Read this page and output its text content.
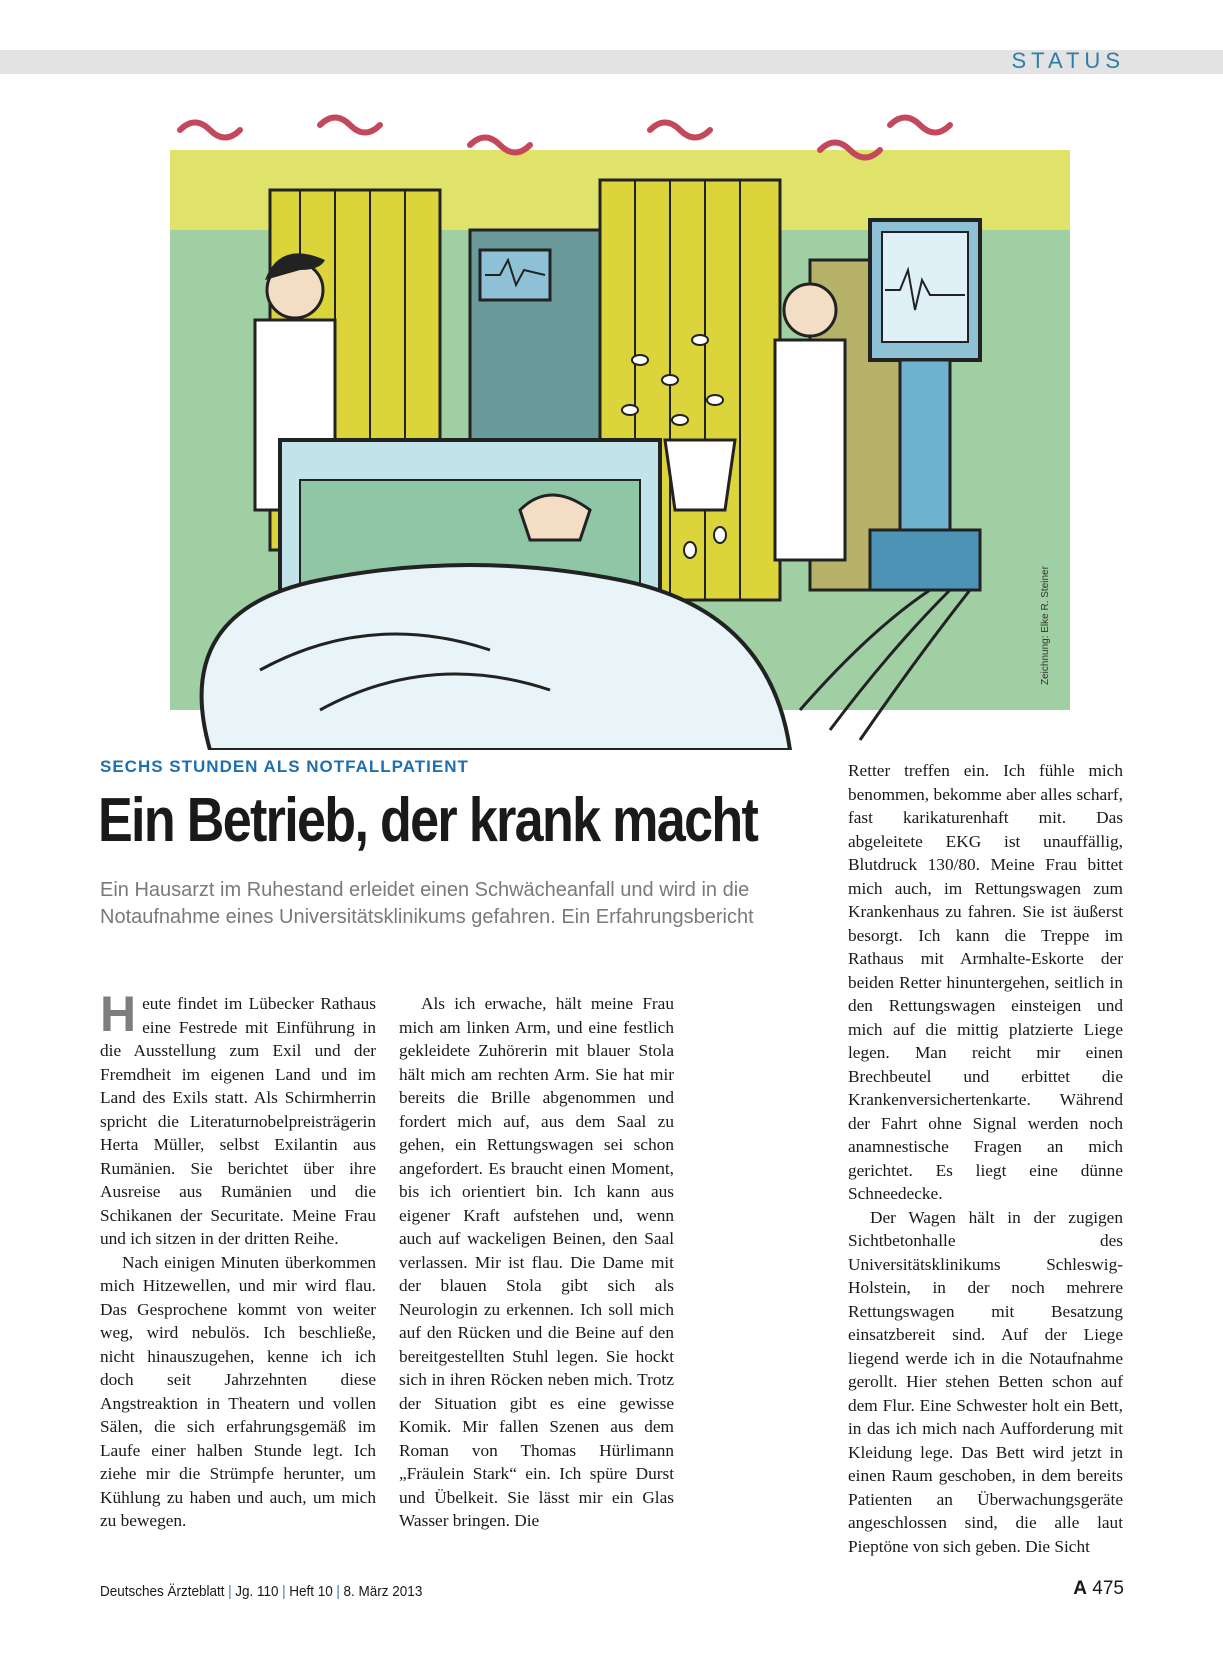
STATUS
Zeichnung: Elke R. Steiner
SECHS STUNDEN ALS NOTFALLPATIENT
Ein Betrieb, der krank macht
Ein Hausarzt im Ruhestand erleidet einen Schwächeanfall und wird in die Notaufnahme eines Universitätsklinikums gefahren. Ein Erfahrungsbericht
H eute findet im Lübecker Rathaus eine Festrede mit Einführung in die Ausstellung zum Exil und der Fremdheit im eigenen Land und im Land des Exils statt. Als Schirmherrin spricht die Literaturnobelpreisträgerin Herta Müller, selbst Exilantin aus Rumänien. Sie berichtet über ihre Ausreise aus Rumänien und die Schikanen der Securitate. Meine Frau und ich sitzen in der dritten Reihe.

Nach einigen Minuten überkommen mich Hitzewellen, und mir wird flau. Das Gesprochene kommt von weiter weg, wird nebulös. Ich beschließe, nicht hinauszugehen, kenne ich ich doch seit Jahrzehnten diese Angstreaktion in Theatern und vollen Sälen, die sich erfahrungsgemäß im Laufe einer halben Stunde legt. Ich ziehe mir die Strümpfe herunter, um Kühlung zu haben und auch, um mich zu bewegen.

Als ich erwache, hält meine Frau mich am linken Arm, und eine festlich gekleidete Zuhörerin mit blauer Stola hält mich am rechten Arm. Sie hat mir bereits die Brille abgenommen und fordert mich auf, aus dem Saal zu gehen, ein Rettungswagen sei schon angefordert. Es braucht einen Moment, bis ich orientiert bin. Ich kann aus eigener Kraft aufstehen und, wenn auch auf wackeligen Beinen, den Saal verlassen. Mir ist flau. Die Dame mit der blauen Stola gibt sich als Neurologin zu erkennen. Ich soll mich auf den Rücken und die Beine auf den bereitgestellten Stuhl legen. Sie hockt sich in ihren Röcken neben mich. Trotz der Situation gibt es eine gewisse Komik. Mir fallen Szenen aus dem Roman von Thomas Hürlimann „Fräulein Stark“ ein. Ich spüre Durst und Übelkeit. Sie lässt mir ein Glas Wasser bringen. Die

Retter treffen ein. Ich fühle mich benommen, bekomme aber alles scharf, fast karikaturenhaft mit. Das abgeleitete EKG ist unauffällig, Blutdruck 130/80. Meine Frau bittet mich auch, im Rettungswagen zum Krankenhaus zu fahren. Sie ist äußerst besorgt. Ich kann die Treppe im Rathaus mit Armhalte-Eskorte der beiden Retter hinuntergehen, seitlich in den Rettungswagen einsteigen und mich auf die mittig platzierte Liege legen. Man reicht mir einen Brechbeutel und erbittet die Krankenversichertenkarte. Während der Fahrt ohne Signal werden noch anamnestische Fragen an mich gerichtet. Es liegt eine dünne Schneedecke.

Der Wagen hält in der zugigen Sichtbetonhalle des Universitätsklinikums Schleswig-Holstein, in der noch mehrere Rettungswagen mit Besatzung einsatzbereit sind. Auf der Liege liegend werde ich in die Notaufnahme gerollt. Hier stehen Betten schon auf dem Flur. Eine Schwester holt ein Bett, in das ich mich nach Aufforderung mit Kleidung lege. Das Bett wird jetzt in einen Raum geschoben, in dem bereits Patienten an Überwachungsgeräte angeschlossen sind, die alle laut Pieptöne von sich geben. Die Sicht

Deutsches Ärzteblatt | Jg. 110 | Heft 10 | 8. März 2013	A 475
